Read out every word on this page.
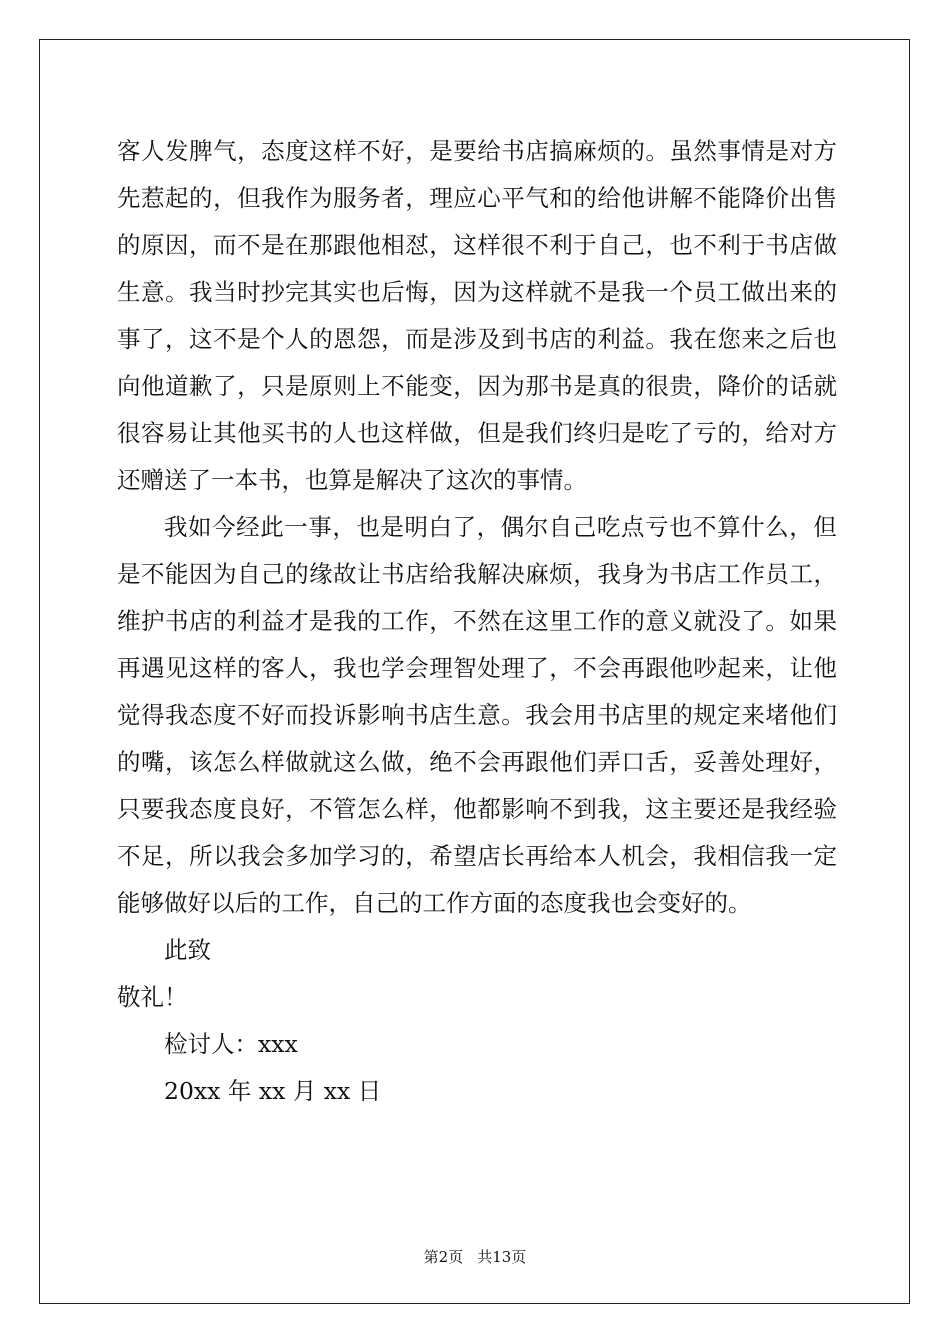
客 人 发 脾 气 ， 态 度 这 样 不 好 ， 是 要 给 书 店 搞 麻 烦 的 。 虽 然 事 情 是 对 方
先 惹 起 的 ， 但 我 作 为 服 务 者 ， 理 应 心 平 气 和 的 给 他 讲 解 不 能 降 价 出 售
的 原 因 ， 而 不 是 在 那 跟 他 相 怼 ， 这 样 很 不 利 于 自 己 ， 也 不 利 于 书 店 做
生 意 。 我 当 时 抄 完 其 实 也 后 悔 ， 因 为 这 样 就 不 是 我 一 个 员 工 做 出 来 的
事 了 ， 这 不 是 个 人 的 恩 怨 ， 而 是 涉 及 到 书 店 的 利 益 。 我 在 您 来 之 后 也
向 他 道 歉 了 ， 只 是 原 则 上 不 能 变 ， 因 为 那 书 是 真 的 很 贵 ， 降 价 的 话 就
很 容 易 让 其 他 买 书 的 人 也 这 样 做 ， 但 是 我 们 终 归 是 吃 了 亏 的 ， 给 对 方
还赠送了一本书，也算是解决了这次的事情。
我 如 今 经 此 一 事 ， 也 是 明 白 了 ， 偶 尔 自 己 吃 点 亏 也 不 算 什 么 ， 但
是 不 能 因 为 自 己 的 缘 故 让 书 店 给 我 解 决 麻 烦 ， 我 身 为 书 店 工 作 员 工 ，
维 护 书 店 的 利 益 才 是 我 的 工 作 ， 不 然 在 这 里 工 作 的 意 义 就 没 了 。 如 果
再 遇 见 这 样 的 客 人 ， 我 也 学 会 理 智 处 理 了 ， 不 会 再 跟 他 吵 起 来 ， 让 他
觉 得 我 态 度 不 好 而 投 诉 影 响 书 店 生 意 。 我 会 用 书 店 里 的 规 定 来 堵 他 们
的 嘴 ， 该 怎 么 样 做 就 这 么 做 ， 绝 不 会 再 跟 他 们 弄 口 舌 ， 妥 善 处 理 好 ，
只 要 我 态 度 良 好 ， 不 管 怎 么 样 ， 他 都 影 响 不 到 我 ， 这 主 要 还 是 我 经 验
不 足 ， 所 以 我 会 多 加 学 习 的 ， 希 望 店 长 再 给 本 人 机 会 ， 我 相 信 我 一 定
能够做好以后的工作，自己的工作方面的态度我也会变好的。
此致
敬礼！
检讨人：xxx
20xx 年 xx 月 xx 日
第2页 共13页
